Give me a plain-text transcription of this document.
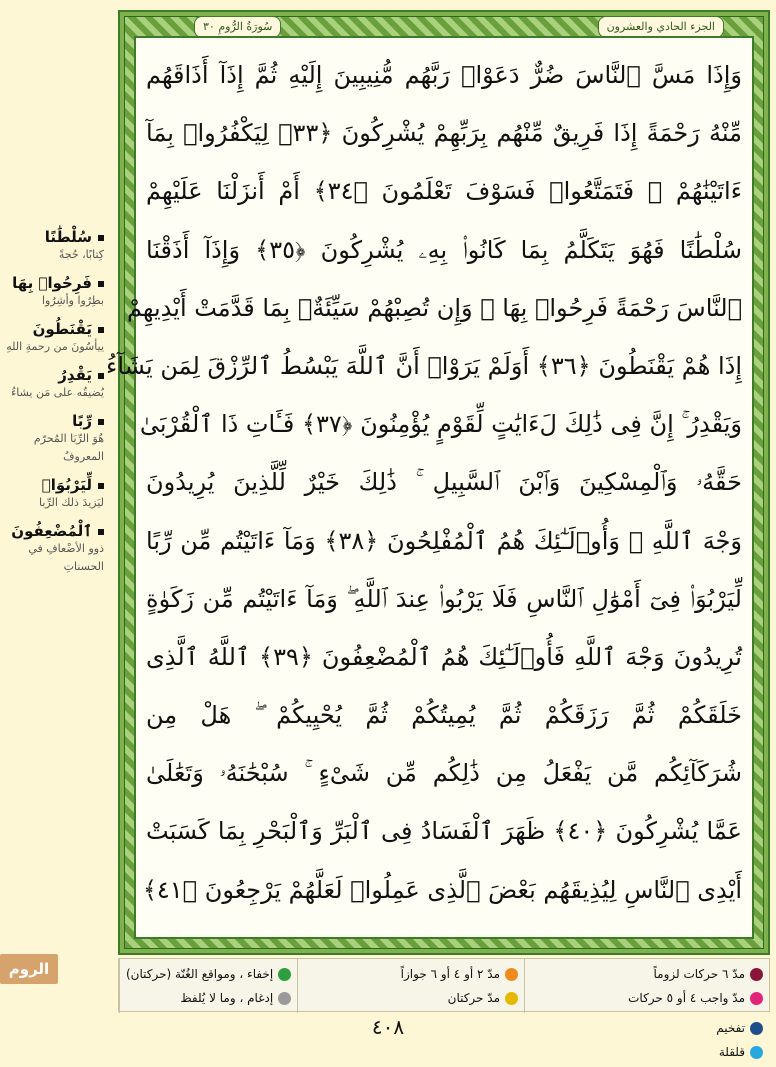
الجزء الحادي والعشرون
سُورَةُ الرُّومِ ٣٠
وَإِذَا مَسَّ ٱلنَّاسَ ضُرٌّ دَعَوْا۟ رَبَّهُم مُّنِيبِينَ إِلَيْهِ ثُمَّ إِذَآ أَذَاقَهُم
مِّنْهُ رَحْمَةً إِذَا فَرِيقٌ مِّنْهُم بِرَبِّهِمْ يُشْرِكُونَ ﴿٣٣﴾ لِيَكْفُرُوا۟ بِمَآ
ءَاتَيْنَٰهُمْ ۚ فَتَمَتَّعُوا۟ فَسَوْفَ تَعْلَمُونَ ﴿٣٤﴾ أَمْ أَنزَلْنَا عَلَيْهِمْ
سُلْطَٰنًا فَهُوَ يَتَكَلَّمُ بِمَا كَانُوا۟ بِهِۦ يُشْرِكُونَ ﴿٣٥﴾ وَإِذَآ أَذَقْنَا
ٱلنَّاسَ رَحْمَةً فَرِحُوا۟ بِهَا ۖ وَإِن تُصِبْهُمْ سَيِّئَةٌۢ بِمَا قَدَّمَتْ أَيْدِيهِمْ
إِذَا هُمْ يَقْنَطُونَ ﴿٣٦﴾ أَوَلَمْ يَرَوْا۟ أَنَّ ٱللَّهَ يَبْسُطُ ٱلرِّزْقَ لِمَن يَشَآءُ
وَيَقْدِرُ ۚ إِنَّ فِى ذَٰلِكَ لَءَايَٰتٍ لِّقَوْمٍ يُؤْمِنُونَ ﴿٣٧﴾ فَـَٔاتِ ذَا ٱلْقُرْبَىٰ
حَقَّهُۥ وَٱلْمِسْكِينَ وَٱبْنَ ٱلسَّبِيلِ ۚ ذَٰلِكَ خَيْرٌ لِّلَّذِينَ يُرِيدُونَ
وَجْهَ ٱللَّهِ ۖ وَأُو۟لَـٰٓئِكَ هُمُ ٱلْمُفْلِحُونَ ﴿٣٨﴾ وَمَآ ءَاتَيْتُم مِّن رِّبًا
لِّيَرْبُوَا۟ فِىٓ أَمْوَٰلِ ٱلنَّاسِ فَلَا يَرْبُوا۟ عِندَ ٱللَّهِ ۖ وَمَآ ءَاتَيْتُم مِّن زَكَوٰةٍ
تُرِيدُونَ وَجْهَ ٱللَّهِ فَأُو۟لَـٰٓئِكَ هُمُ ٱلْمُضْعِفُونَ ﴿٣٩﴾ ٱللَّهُ ٱلَّذِى
خَلَقَكُمْ ثُمَّ رَزَقَكُمْ ثُمَّ يُمِيتُكُمْ ثُمَّ يُحْيِيكُمْ ۖ هَلْ مِن
شُرَكَآئِكُم مَّن يَفْعَلُ مِن ذَٰلِكُم مِّن شَىْءٍ ۚ سُبْحَٰنَهُۥ وَتَعَٰلَىٰ
عَمَّا يُشْرِكُونَ ﴿٤٠﴾ ظَهَرَ ٱلْفَسَادُ فِى ٱلْبَرِّ وَٱلْبَحْرِ بِمَا كَسَبَتْ
أَيْدِى ٱلنَّاسِ لِيُذِيقَهُم بَعْضَ ٱلَّذِى عَمِلُوا۟ لَعَلَّهُمْ يَرْجِعُونَ ﴿٤١﴾
سُلْطَٰنًا
كِتابًا، حُجةً
فَرِحُوا۟ بِهَا
بطِرُوا وأشِرُوا
يَقْنَطُونَ
ييأسُونَ من رحمةِ اللهِ
يَقْدِرُ
يُضيقُه على مَن يشاءُ
رِّبًا
هُوَ الرِّبَا المُحرّم المعروفُ
لِّيَرْبُوَا۟
ليَزيدَ ذلك الرِّبا
ٱلْمُضْعِفُونَ
ذوو الأضْعافِ في الحسناتِ
الروم	مدّ ٦ حركات لزوماً
مدّ واجب ٤ أو ٥ حركات
مدّ ٢ أو ٤ أو ٦ جوازاً
مدّ حركتان
إخفاء ، ومواقع الغُنّة (حركتان)
إدغام ، وما لا يُلفظ
تفخيم
قلقلة
٤٠٨
